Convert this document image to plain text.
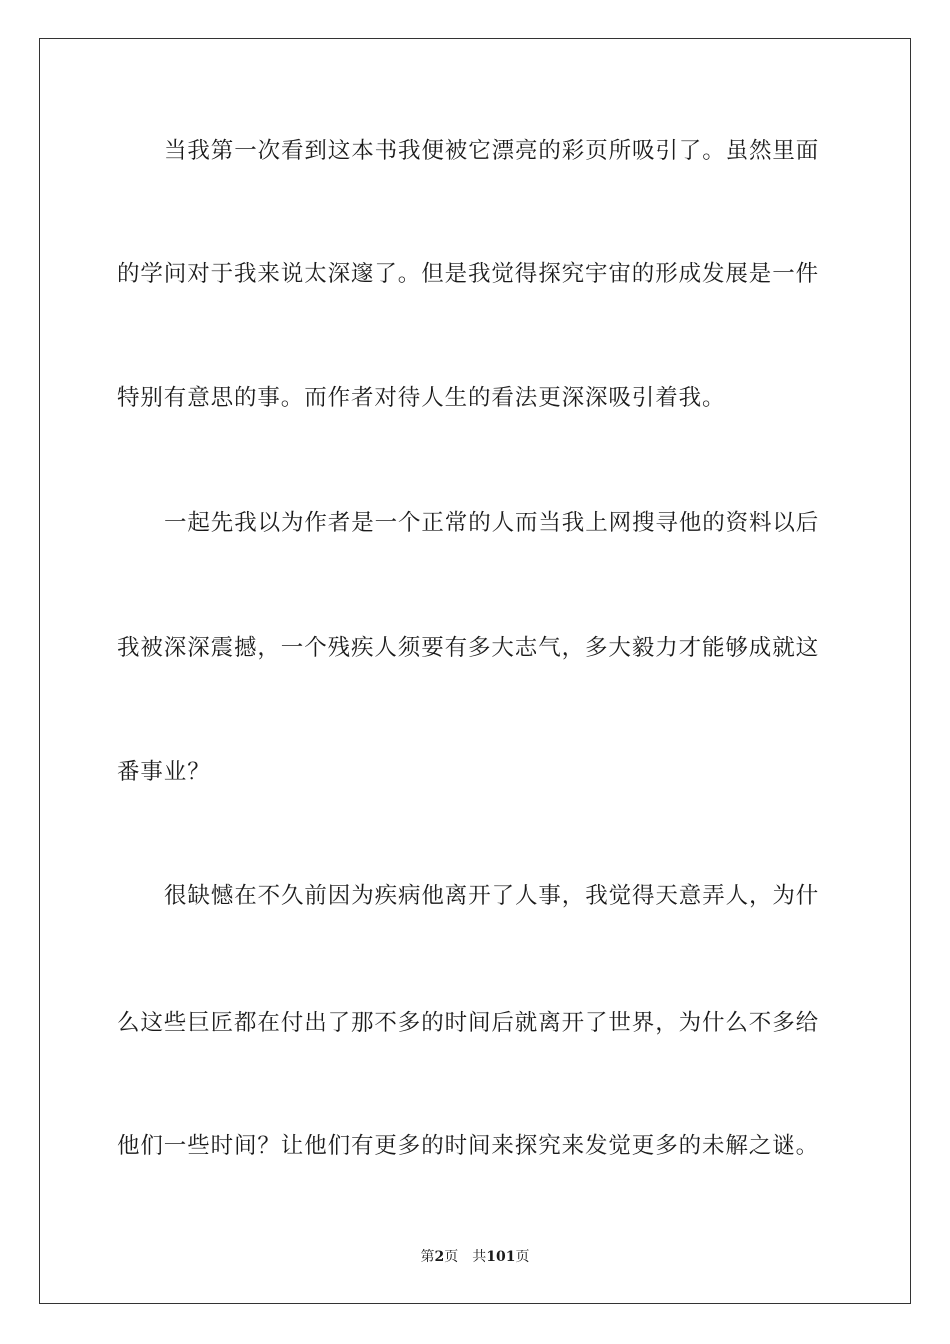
当我第一次看到这本书我便被它漂亮的彩页所吸引了。虽然里面
的学问对于我来说太深邃了。但是我觉得探究宇宙的形成发展是一件
特别有意思的事。而作者对待人生的看法更深深吸引着我。
一起先我以为作者是一个正常的人而当我上网搜寻他的资料以后
我被深深震撼，一个残疾人须要有多大志气，多大毅力才能够成就这
番事业？
很缺憾在不久前因为疾病他离开了人事，我觉得天意弄人，为什
么这些巨匠都在付出了那不多的时间后就离开了世界，为什么不多给
他们一些时间？让他们有更多的时间来探究来发觉更多的未解之谜。
第2页 共101页
